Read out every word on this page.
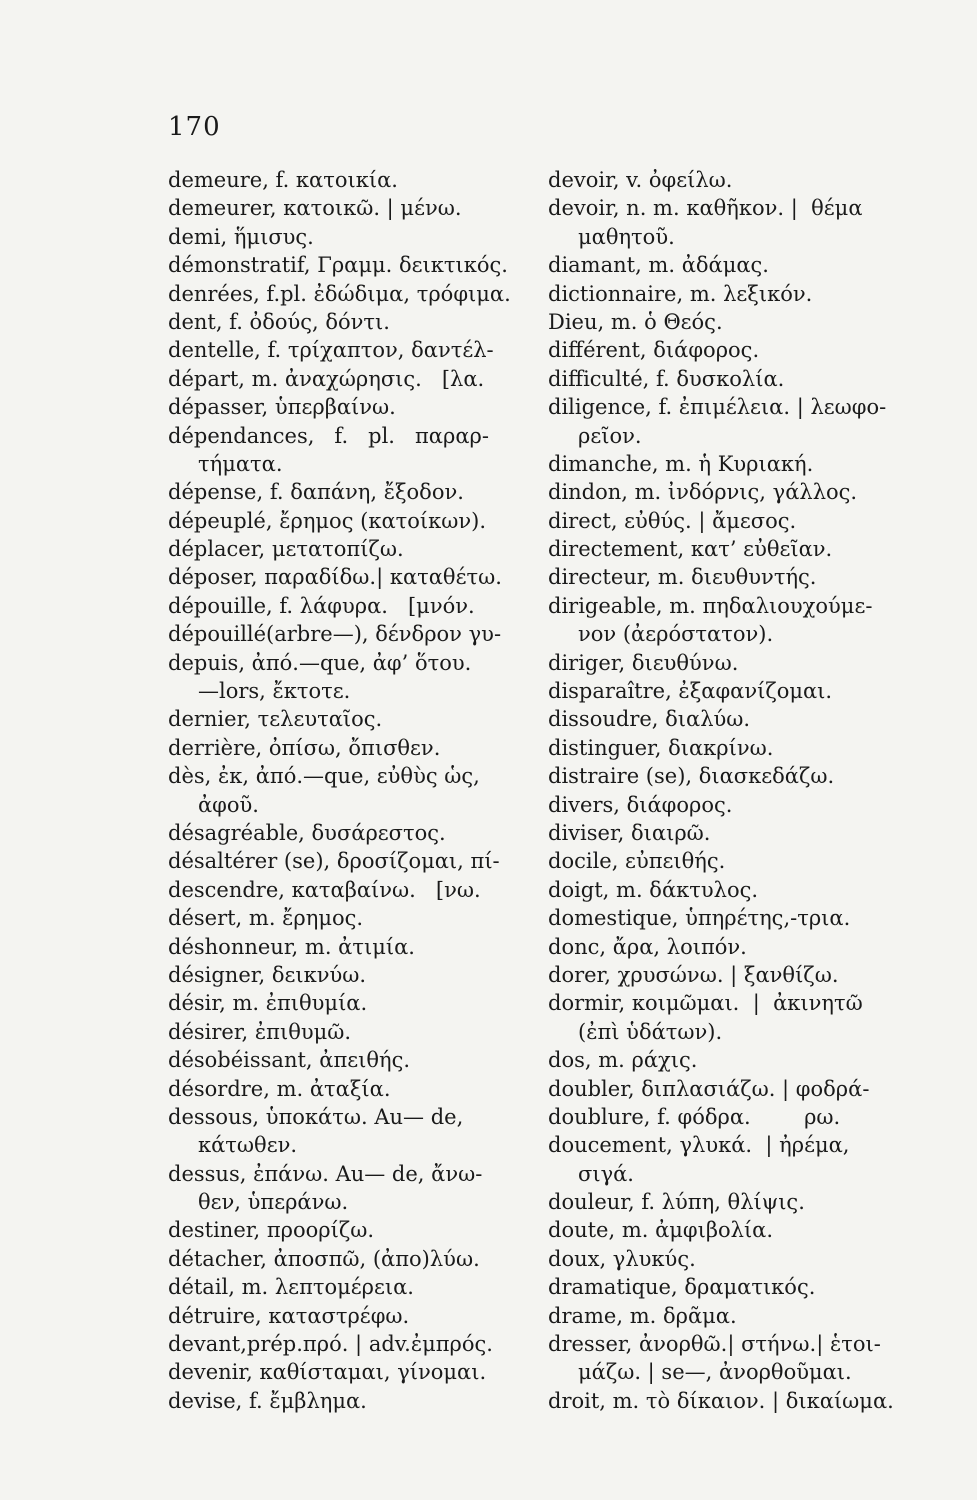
170
demeure, f. κατοικία.
demeurer, κατοικῶ. | μένω.
demi, ἥμισυς.
démonstratif, Γραμμ. δεικτικός.
denrées, f.pl. ἐδώδιμα, τρόφιμα.
dent, f. ὀδούς, δόντι.
dentelle, f. τρίχαπτον, δαντέλ-
départ, m. ἀναχώρησις.   [λα.
dépasser, ὑπερβαίνω.
dépendances,   f.   pl.   παραρ-
τήματα.
dépense, f. δαπάνη, ἔξοδον.
dépeuplé, ἔρημος (κατοίκων).
déplacer, μετατοπίζω.
déposer, παραδίδω.| καταθέτω.
dépouille, f. λάφυρα.   [μνόν.
dépouillé(arbre—), δένδρον γυ-
depuis, ἀπό.—que, ἀφ’ ὅτου.
—lors, ἔκτοτε.
dernier, τελευταῖος.
derrière, ὀπίσω, ὄπισθεν.
dès, ἐκ, ἀπό.—que, εὐθὺς ὡς,
ἀφοῦ.
désagréable, δυσάρεστος.
désaltérer (se), δροσίζομαι, πί-
descendre, καταβαίνω.   [νω.
désert, m. ἔρημος.
déshonneur, m. ἀτιμία.
désigner, δεικνύω.
désir, m. ἐπιθυμία.
désirer, ἐπιθυμῶ.
désobéissant, ἀπειθής.
désordre, m. ἀταξία.
dessous, ὑποκάτω. Au— de,
κάτωθεν.
dessus, ἐπάνω. Au— de, ἄνω-
θεν, ὑπεράνω.
destiner, προορίζω.
détacher, ἀποσπῶ, (ἀπο)λύω.
détail, m. λεπτομέρεια.
détruire, καταστρέφω.
devant,prép.πρό. | adv.ἐμπρός.
devenir, καθίσταμαι, γίνομαι.
devise, f. ἔμβλημα.
devoir, v. ὀφείλω.
devoir, n. m. καθῆκον. |  θέμα
μαθητοῦ.
diamant, m. ἀδάμας.
dictionnaire, m. λεξικόν.
Dieu, m. ὁ Θεός.
différent, διάφορος.
difficulté, f. δυσκολία.
diligence, f. ἐπιμέλεια. | λεωφο-
ρεῖον.
dimanche, m. ἡ Κυριακή.
dindon, m. ἰνδόρνις, γάλλος.
direct, εὐθύς. | ἄμεσος.
directement, κατ’ εὐθεῖαν.
directeur, m. διευθυντής.
dirigeable, m. πηδαλιουχούμε-
νον (ἀερόστατον).
diriger, διευθύνω.
disparaître, ἐξαφανίζομαι.
dissoudre, διαλύω.
distinguer, διακρίνω.
distraire (se), διασκεδάζω.
divers, διάφορος.
diviser, διαιρῶ.
docile, εὐπειθής.
doigt, m. δάκτυλος.
domestique, ὑπηρέτης,-τρια.
donc, ἄρα, λοιπόν.
dorer, χρυσώνω. | ξανθίζω.
dormir, κοιμῶμαι.  |  ἀκινητῶ
(ἐπὶ ὑδάτων).
dos, m. ράχις.
doubler, διπλασιάζω. | φοδρά-
doublure, f. φόδρα.        ρω.
doucement, γλυκά.  | ἠρέμα,
σιγά.
douleur, f. λύπη, θλίψις.
doute, m. ἀμφιβολία.
doux, γλυκύς.
dramatique, δραματικός.
drame, m. δρᾶμα.
dresser, ἀνορθῶ.| στήνω.| ἑτοι-
μάζω. | se—, ἀνορθοῦμαι.
droit, m. τὸ δίκαιον. | δικαίωμα.
